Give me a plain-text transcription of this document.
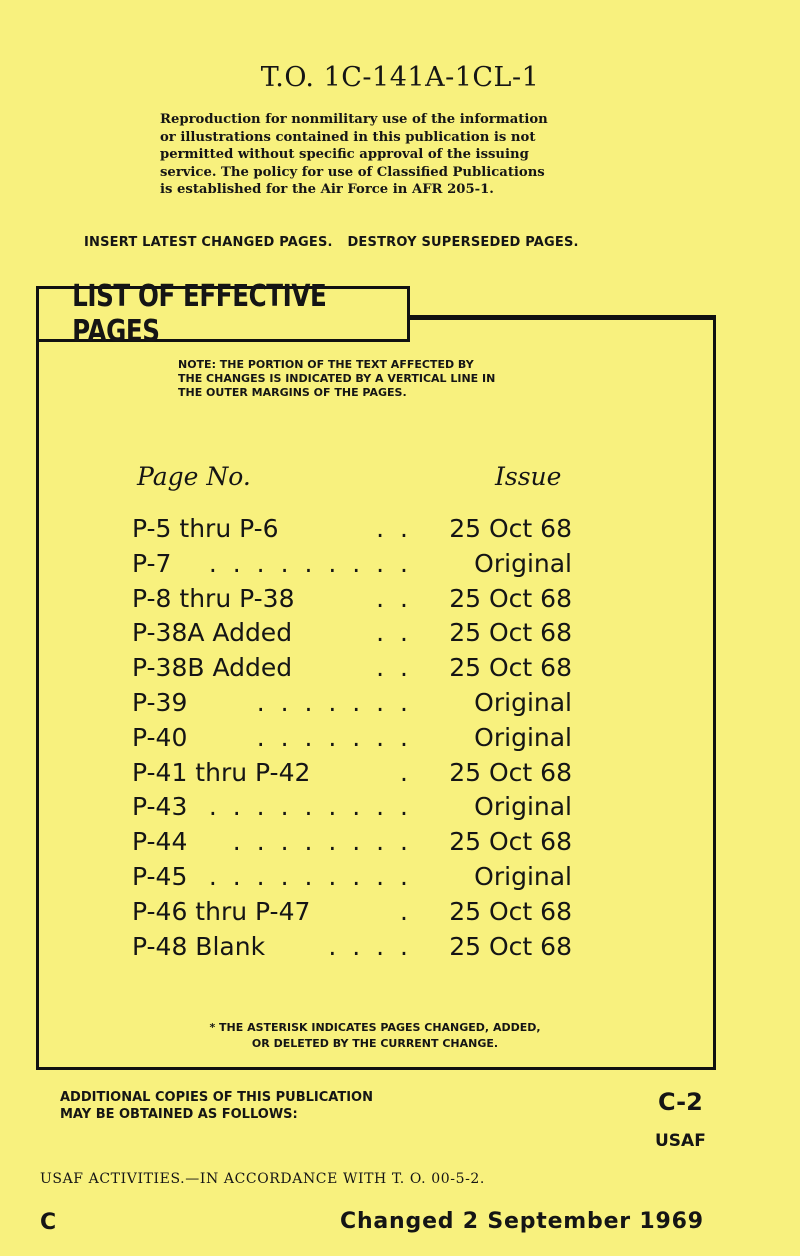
T.O. 1C-141A-1CL-1
Reproduction for nonmilitary use of the information
or illustrations contained in this publication is not
permitted without specific approval of the issuing
service. The policy for use of Classified Publications
is established for the Air Force in AFR 205-1.
INSERT LATEST CHANGED PAGES. DESTROY SUPERSEDED PAGES.
LIST OF EFFECTIVE PAGES
NOTE: THE PORTION OF THE TEXT AFFECTED BY
THE CHANGES IS INDICATED BY A VERTICAL LINE IN
THE OUTER MARGINS OF THE PAGES.
Page No.	Issue
P-5 thru P-6	. .	25 Oct 68
P-7	. . . . . . . . .	Original
P-8 thru P-38	. .	25 Oct 68
P-38A Added	. .	25 Oct 68
P-38B Added	. .	25 Oct 68
P-39	. . . . . . .	Original
P-40	. . . . . . .	Original
P-41 thru P-42	.	25 Oct 68
P-43 . . . . . . . . .	Original
P-44	. . . . . . . .	25 Oct 68
P-45 . . . . . . . . .	Original
P-46 thru P-47	.	25 Oct 68
P-48 Blank	. . . .	25 Oct 68
* THE ASTERISK INDICATES PAGES CHANGED, ADDED,
OR DELETED BY THE CURRENT CHANGE.
ADDITIONAL COPIES OF THIS PUBLICATION
MAY BE OBTAINED AS FOLLOWS:	C-2
USAF
USAF ACTIVITIES.—IN ACCORDANCE WITH T. O. 00-5-2.
C	Changed 2 September 1969
